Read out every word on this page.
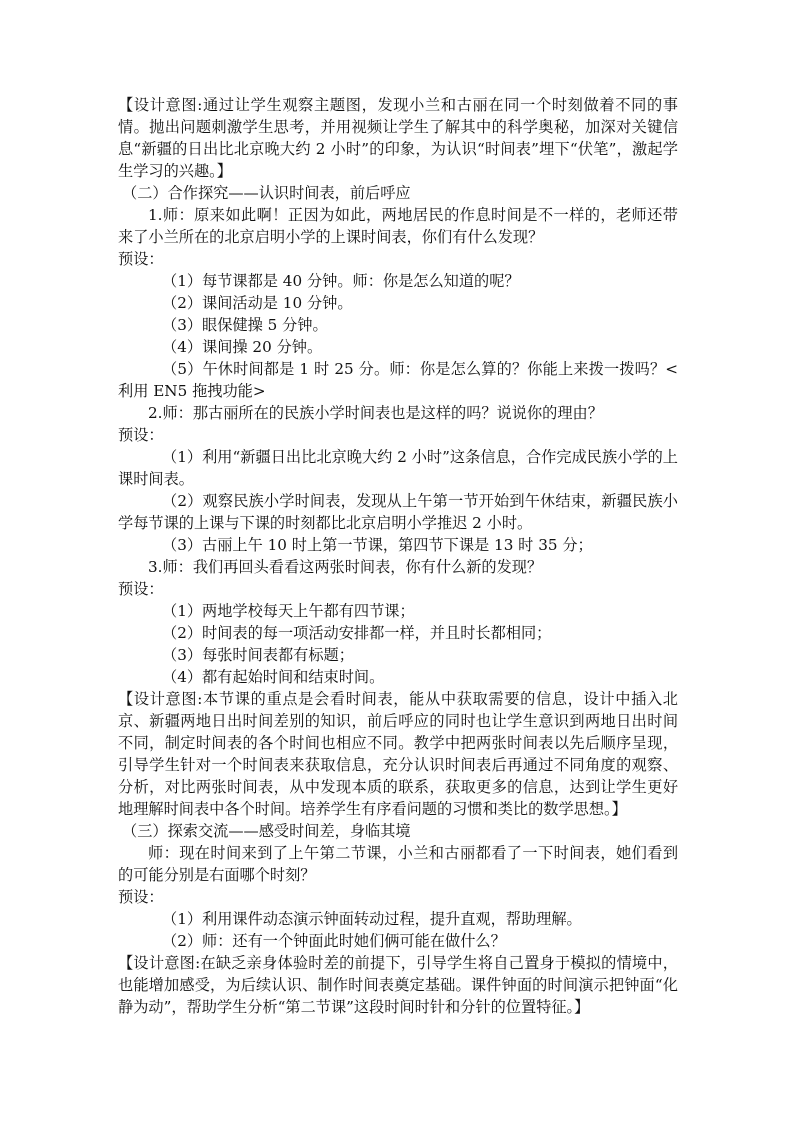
【设计意图:通过让学生观察主题图，发现小兰和古丽在同一个时刻做着不同的事情。抛出问题刺激学生思考，并用视频让学生了解其中的科学奥秘，加深对关键信息“新疆的日出比北京晚大约 2 小时”的印象，为认识“时间表”埋下“伏笔”，激起学生学习的兴趣。】

（二）合作探究——认识时间表，前后呼应

1.师：原来如此啊！正因为如此，两地居民的作息时间是不一样的，老师还带来了小兰所在的北京启明小学的上课时间表，你们有什么发现？

预设：

（1）每节课都是 40 分钟。师：你是怎么知道的呢？

（2）课间活动是 10 分钟。

（3）眼保健操 5 分钟。

（4）课间操 20 分钟。

（5）午休时间都是 1 时 25 分。师：你是怎么算的？你能上来拨一拨吗？<利用 EN5 拖拽功能>

2.师：那古丽所在的民族小学时间表也是这样的吗？说说你的理由？

预设：

（1）利用“新疆日出比北京晚大约 2 小时”这条信息，合作完成民族小学的上课时间表。

（2）观察民族小学时间表，发现从上午第一节开始到午休结束，新疆民族小学每节课的上课与下课的时刻都比北京启明小学推迟 2 小时。

（3）古丽上午 10 时上第一节课，第四节下课是 13 时 35 分；

3.师：我们再回头看看这两张时间表，你有什么新的发现？

预设：

（1）两地学校每天上午都有四节课；

（2）时间表的每一项活动安排都一样，并且时长都相同；

（3）每张时间表都有标题；

（4）都有起始时间和结束时间。

【设计意图:本节课的重点是会看时间表，能从中获取需要的信息，设计中插入北京、新疆两地日出时间差别的知识，前后呼应的同时也让学生意识到两地日出时间不同，制定时间表的各个时间也相应不同。教学中把两张时间表以先后顺序呈现，引导学生针对一个时间表来获取信息，充分认识时间表后再通过不同角度的观察、分析，对比两张时间表，从中发现本质的联系，获取更多的信息，达到让学生更好地理解时间表中各个时间。培养学生有序看问题的习惯和类比的数学思想。】

（三）探索交流——感受时间差，身临其境

师：现在时间来到了上午第二节课，小兰和古丽都看了一下时间表，她们看到的可能分别是右面哪个时刻？

预设：

（1）利用课件动态演示钟面转动过程，提升直观，帮助理解。

（2）师：还有一个钟面此时她们俩可能在做什么？

【设计意图:在缺乏亲身体验时差的前提下，引导学生将自己置身于模拟的情境中，也能增加感受，为后续认识、制作时间表奠定基础。课件钟面的时间演示把钟面“化静为动”，帮助学生分析“第二节课”这段时间时针和分针的位置特征。】
